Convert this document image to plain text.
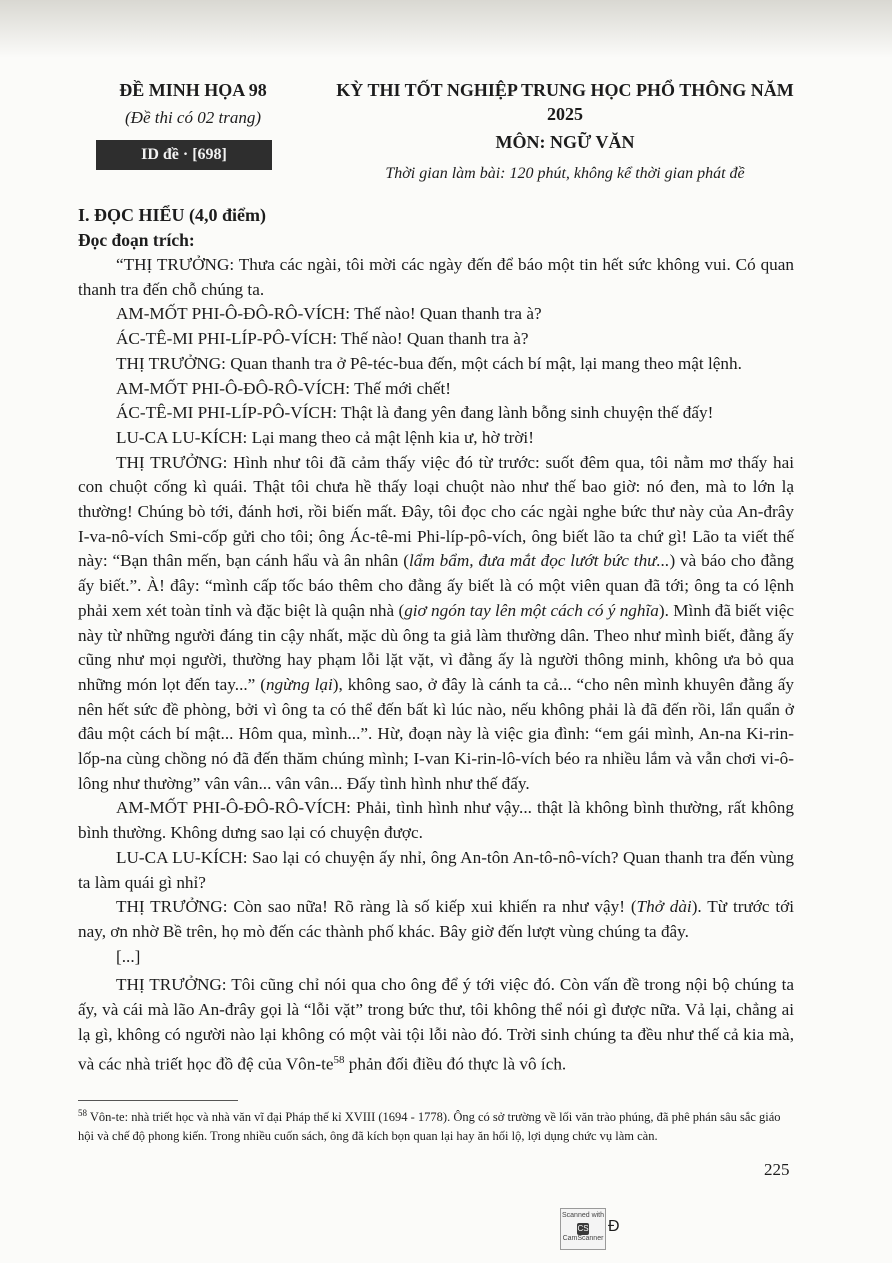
ĐỀ MINH HỌA 98
(Đề thi có 02 trang)
ID đề · [698]
KỲ THI TỐT NGHIỆP TRUNG HỌC PHỔ THÔNG NĂM 2025
MÔN: NGỮ VĂN
Thời gian làm bài: 120 phút, không kể thời gian phát đề

I. ĐỌC HIỂU (4,0 điểm)

Đọc đoạn trích:

“THỊ TRƯỞNG: Thưa các ngài, tôi mời các ngày đến để báo một tin hết sức không vui. Có quan thanh tra đến chỗ chúng ta.

AM-MỐT PHI-Ô-ĐÔ-RÔ-VÍCH: Thế nào! Quan thanh tra à?

ÁC-TÊ-MI PHI-LÍP-PÔ-VÍCH: Thế nào! Quan thanh tra à?

THỊ TRƯỞNG: Quan thanh tra ở Pê-téc-bua đến, một cách bí mật, lại mang theo mật lệnh.

AM-MỐT PHI-Ô-ĐÔ-RÔ-VÍCH: Thế mới chết!

ÁC-TÊ-MI PHI-LÍP-PÔ-VÍCH: Thật là đang yên đang lành bỗng sinh chuyện thế đấy!

LU-CA LU-KÍCH: Lại mang theo cả mật lệnh kia ư, hờ trời!

THỊ TRƯỞNG: Hình như tôi đã cảm thấy việc đó từ trước: suốt đêm qua, tôi nằm mơ thấy hai con chuột cống kì quái. Thật tôi chưa hề thấy loại chuột nào như thế bao giờ: nó đen, mà to lớn lạ thường! Chúng bò tới, đánh hơi, rồi biến mất. Đây, tôi đọc cho các ngài nghe bức thư này của An-đrây I-va-nô-vích Smi-cốp gửi cho tôi; ông Ác-tê-mi Phi-líp-pô-vích, ông biết lão ta chứ gì! Lão ta viết thế này: “Bạn thân mến, bạn cánh hẩu và ân nhân (lẩm bẩm, đưa mắt đọc lướt bức thư...) và báo cho đằng ấy biết.”. À! đây: “mình cấp tốc báo thêm cho đằng ấy biết là có một viên quan đã tới; ông ta có lệnh phải xem xét toàn tỉnh và đặc biệt là quận nhà (giơ ngón tay lên một cách có ý nghĩa). Mình đã biết việc này từ những người đáng tin cậy nhất, mặc dù ông ta giả làm thường dân. Theo như mình biết, đằng ấy cũng như mọi người, thường hay phạm lỗi lặt vặt, vì đằng ấy là người thông minh, không ưa bỏ qua những món lọt đến tay...” (ngừng lại), không sao, ở đây là cánh ta cả... “cho nên mình khuyên đằng ấy nên hết sức đề phòng, bởi vì ông ta có thể đến bất kì lúc nào, nếu không phải là đã đến rồi, lẩn quẩn ở đâu một cách bí mật... Hôm qua, mình...”. Hừ, đoạn này là việc gia đình: “em gái mình, An-na Ki-rin-lốp-na cùng chồng nó đã đến thăm chúng mình; I-van Ki-rin-lô-vích béo ra nhiều lắm và vẫn chơi vi-ô-lông như thường” vân vân... vân vân... Đấy tình hình như thế đấy.

AM-MỐT PHI-Ô-ĐÔ-RÔ-VÍCH: Phải, tình hình như vậy... thật là không bình thường, rất không bình thường. Không dưng sao lại có chuyện được.

LU-CA LU-KÍCH: Sao lại có chuyện ấy nhỉ, ông An-tôn An-tô-nô-vích? Quan thanh tra đến vùng ta làm quái gì nhỉ?

THỊ TRƯỞNG: Còn sao nữa! Rõ ràng là số kiếp xui khiến ra như vậy! (Thở dài). Từ trước tới nay, ơn nhờ Bề trên, họ mò đến các thành phố khác. Bây giờ đến lượt vùng chúng ta đây.

[...]

THỊ TRƯỞNG: Tôi cũng chỉ nói qua cho ông để ý tới việc đó. Còn vấn đề trong nội bộ chúng ta ấy, và cái mà lão An-đrây gọi là “lỗi vặt” trong bức thư, tôi không thể nói gì được nữa. Vả lại, chẳng ai lạ gì, không có người nào lại không có một vài tội lỗi nào đó. Trời sinh chúng ta đều như thế cả kia mà, và các nhà triết học đồ đệ của Vôn-$te^{58}$ phản đối điều đó thực là vô ích.

$^{58}$ Vôn-te: nhà triết học và nhà văn vĩ đại Pháp thế kỉ XVIII (1694 - 1778). Ông có sở trường về lối văn trào phúng, đã phê phán sâu sắc giáo hội và chế độ phong kiến. Trong nhiều cuốn sách, ông đã kích bọn quan lại hay ăn hối lộ, lợi dụng chức vụ làm càn.
225
Scanned with
CS
CamScanner
Đ
